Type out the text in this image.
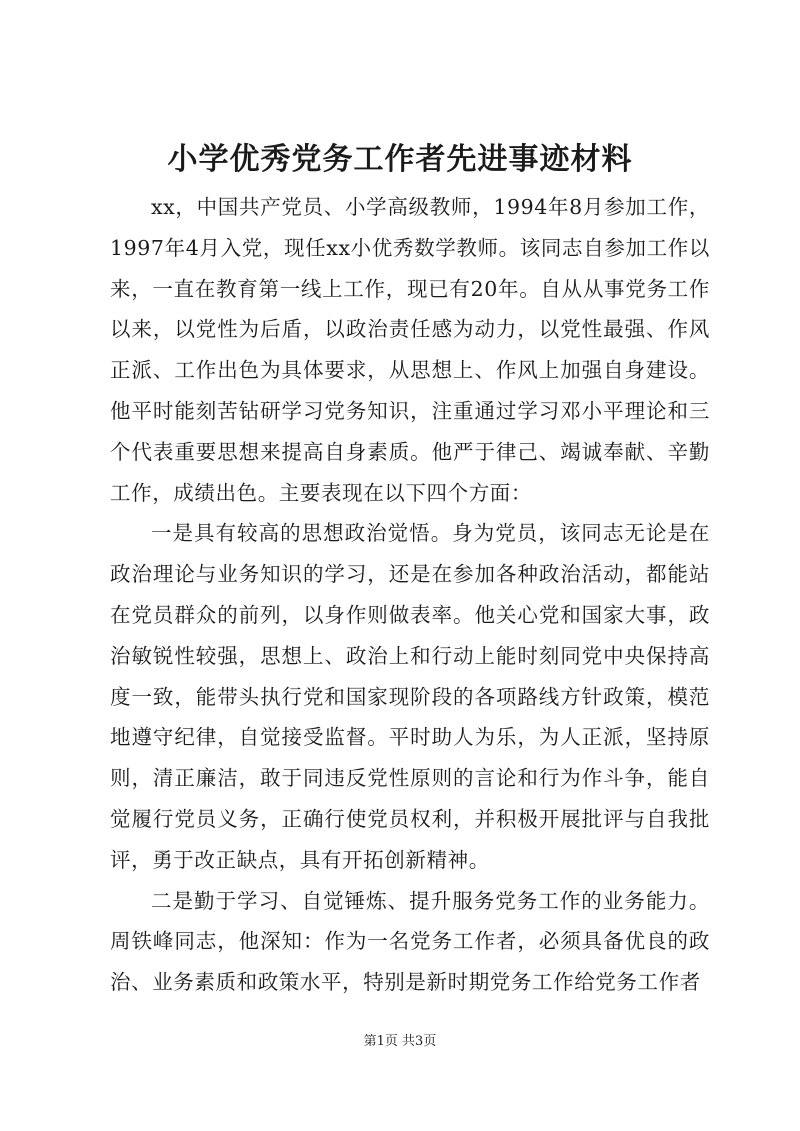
小学优秀党务工作者先进事迹材料

xx，中国共产党员、小学高级教师，1994年8月参加工作，1997年4月入党，现任xx小优秀数学教师。该同志自参加工作以来，一直在教育第一线上工作，现已有20年。自从从事党务工作以来，以党性为后盾，以政治责任感为动力，以党性最强、作风正派、工作出色为具体要求，从思想上、作风上加强自身建设。他平时能刻苦钻研学习党务知识，注重通过学习邓小平理论和三个代表重要思想来提高自身素质。他严于律己、竭诚奉献、辛勤工作，成绩出色。主要表现在以下四个方面：

一是具有较高的思想政治觉悟。身为党员，该同志无论是在政治理论与业务知识的学习，还是在参加各种政治活动，都能站在党员群众的前列，以身作则做表率。他关心党和国家大事，政治敏锐性较强，思想上、政治上和行动上能时刻同党中央保持高度一致，能带头执行党和国家现阶段的各项路线方针政策，模范地遵守纪律，自觉接受监督。平时助人为乐，为人正派，坚持原则，清正廉洁，敢于同违反党性原则的言论和行为作斗争，能自觉履行党员义务，正确行使党员权利，并积极开展批评与自我批评，勇于改正缺点，具有开拓创新精神。

二是勤于学习、自觉锤炼、提升服务党务工作的业务能力。周铁峰同志，他深知：作为一名党务工作者，必须具备优良的政治、业务素质和政策水平，特别是新时期党务工作给党务工作者

第1页 共3页
